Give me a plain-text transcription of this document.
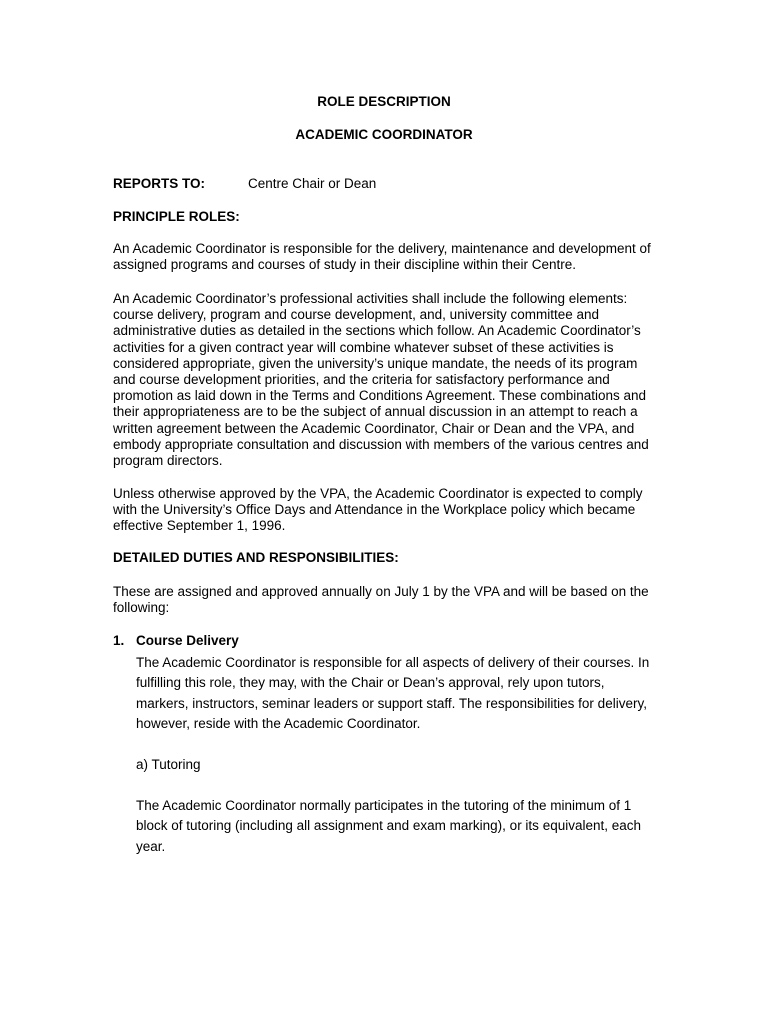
ROLE DESCRIPTION
ACADEMIC COORDINATOR
REPORTS TO:	Centre Chair or Dean
PRINCIPLE ROLES:

An Academic Coordinator is responsible for the delivery, maintenance and development of assigned programs and courses of study in their discipline within their Centre.

An Academic Coordinator’s professional activities shall include the following elements: course delivery, program and course development, and, university committee and administrative duties as detailed in the sections which follow. An Academic Coordinator’s activities for a given contract year will combine whatever subset of these activities is considered appropriate, given the university’s unique mandate, the needs of its program and course development priorities, and the criteria for satisfactory performance and promotion as laid down in the Terms and Conditions Agreement. These combinations and their appropriateness are to be the subject of annual discussion in an attempt to reach a written agreement between the Academic Coordinator, Chair or Dean and the VPA, and embody appropriate consultation and discussion with members of the various centres and program directors.

Unless otherwise approved by the VPA, the Academic Coordinator is expected to comply with the University’s Office Days and Attendance in the Workplace policy which became effective September 1, 1996.

DETAILED DUTIES AND RESPONSIBILITIES:

These are assigned and approved annually on July 1 by the VPA and will be based on the following:

1. Course Delivery

The Academic Coordinator is responsible for all aspects of delivery of their courses. In fulfilling this role, they may, with the Chair or Dean’s approval, rely upon tutors, markers, instructors, seminar leaders or support staff. The responsibilities for delivery, however, reside with the Academic Coordinator.

a) Tutoring

The Academic Coordinator normally participates in the tutoring of the minimum of 1 block of tutoring (including all assignment and exam marking), or its equivalent, each year.
